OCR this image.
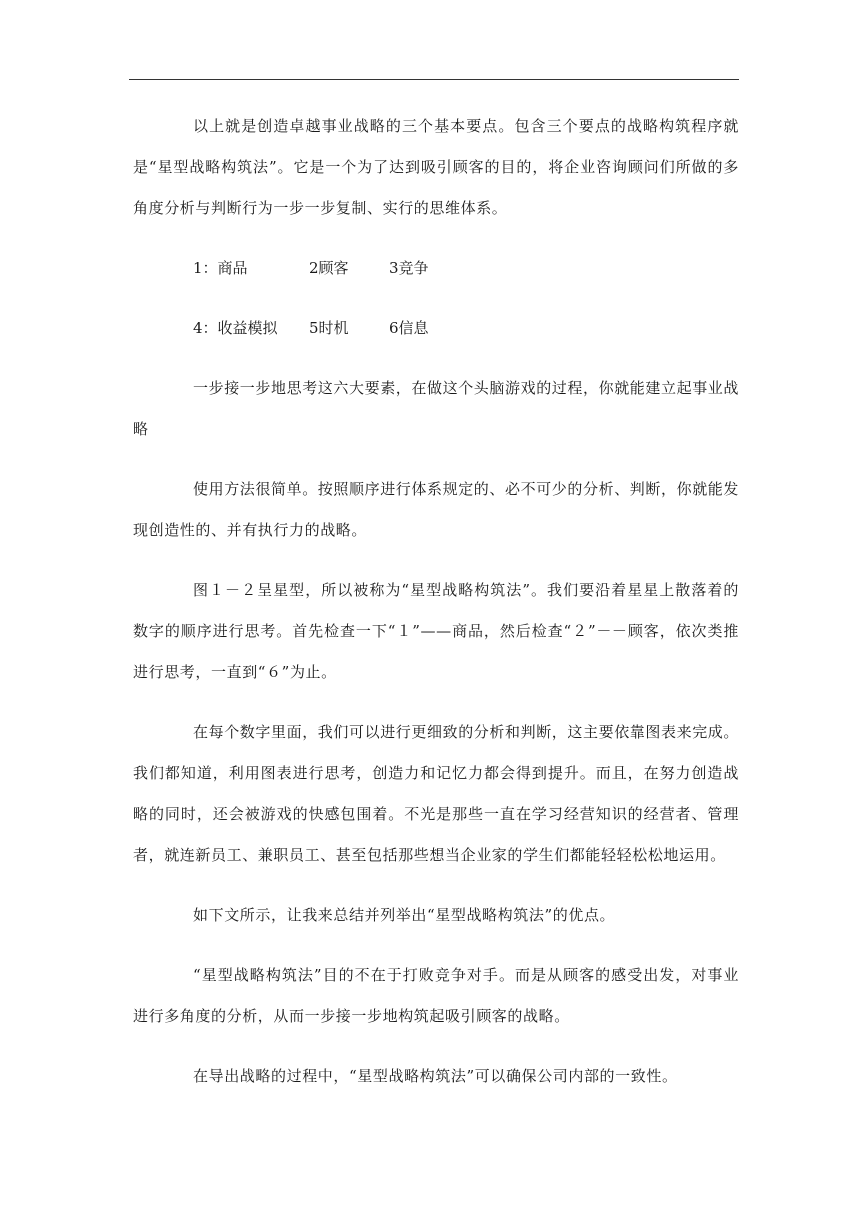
以上就是创造卓越事业战略的三个基本要点。包含三个要点的战略构筑程序就是“星型战略构筑法”。它是一个为了达到吸引顾客的目的，将企业咨询顾问们所做的多角度分析与判断行为一步一步复制、实行的思维体系。

1：商品	2顾客	3竞争
4：收益模拟	5时机	6信息

一步接一步地思考这六大要素，在做这个头脑游戏的过程，你就能建立起事业战略

使用方法很简单。按照顺序进行体系规定的、必不可少的分析、判断，你就能发现创造性的、并有执行力的战略。

图１－２呈星型，所以被称为“星型战略构筑法”。我们要沿着星星上散落着的数字的顺序进行思考。首先检查一下“１”——商品，然后检查“２”－－顾客，依次类推进行思考，一直到“６”为止。

在每个数字里面，我们可以进行更细致的分析和判断，这主要依靠图表来完成。我们都知道，利用图表进行思考，创造力和记忆力都会得到提升。而且，在努力创造战略的同时，还会被游戏的快感包围着。不光是那些一直在学习经营知识的经营者、管理者，就连新员工、兼职员工、甚至包括那些想当企业家的学生们都能轻轻松松地运用。

如下文所示，让我来总结并列举出“星型战略构筑法”的优点。

“星型战略构筑法”目的不在于打败竞争对手。而是从顾客的感受出发，对事业进行多角度的分析，从而一步接一步地构筑起吸引顾客的战略。

在导出战略的过程中，“星型战略构筑法”可以确保公司内部的一致性。
